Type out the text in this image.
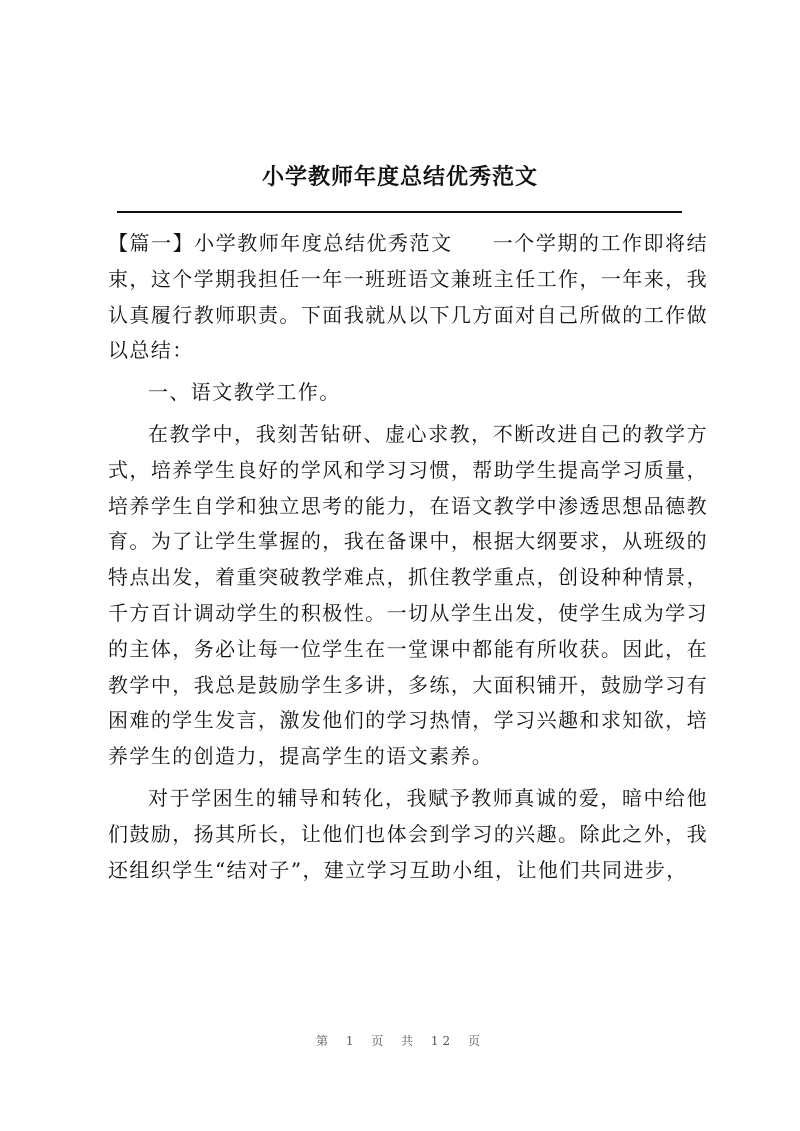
小学教师年度总结优秀范文

【篇一】小学教师年度总结优秀范文 一个学期的工作即将结束，这个学期我担任一年一班班语文兼班主任工作，一年来，我认真履行教师职责。下面我就从以下几方面对自己所做的工作做以总结：

一、语文教学工作。

在教学中，我刻苦钻研、虚心求教，不断改进自己的教学方式，培养学生良好的学风和学习习惯，帮助学生提高学习质量，培养学生自学和独立思考的能力，在语文教学中渗透思想品德教育。为了让学生掌握的，我在备课中，根据大纲要求，从班级的特点出发，着重突破教学难点，抓住教学重点，创设种种情景，千方百计调动学生的积极性。一切从学生出发，使学生成为学习的主体，务必让每一位学生在一堂课中都能有所收获。因此，在教学中，我总是鼓励学生多讲，多练，大面积铺开，鼓励学习有困难的学生发言，激发他们的学习热情，学习兴趣和求知欲，培养学生的创造力，提高学生的语文素养。

对于学困生的辅导和转化，我赋予教师真诚的爱，暗中给他们鼓励，扬其所长，让他们也体会到学习的兴趣。除此之外，我还组织学生“结对子”，建立学习互助小组，让他们共同进步，

第 1 页 共 12 页
